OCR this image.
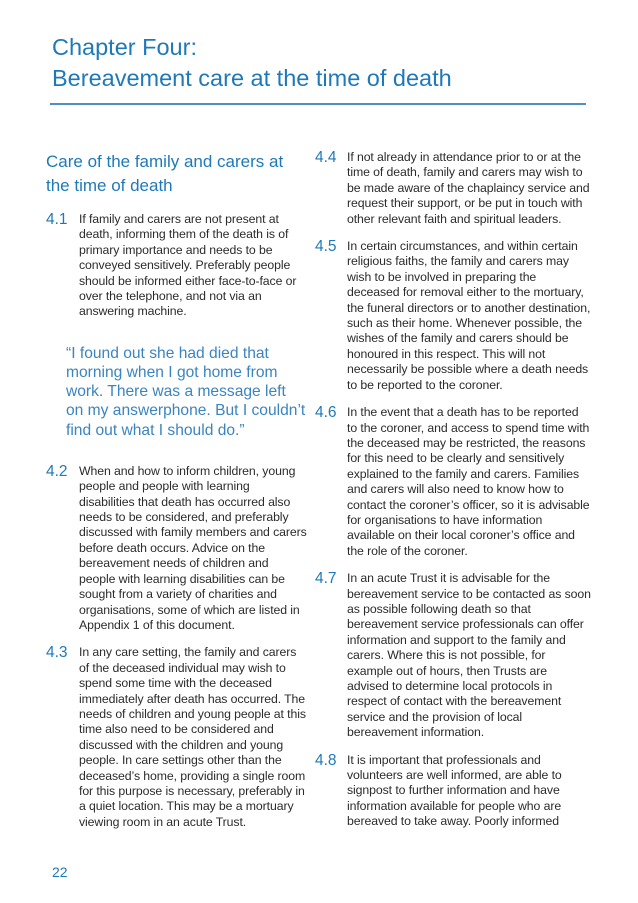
Chapter Four:
Bereavement care at the time of death
Care of the family and carers at the time of death
4.1 If family and carers are not present at death, informing them of the death is of primary importance and needs to be conveyed sensitively. Preferably people should be informed either face-to-face or over the telephone, and not via an answering machine.
“I found out she had died that morning when I got home from work. There was a message left on my answerphone. But I couldn’t find out what I should do.”
4.2 When and how to inform children, young people and people with learning disabilities that death has occurred also needs to be considered, and preferably discussed with family members and carers before death occurs. Advice on the bereavement needs of children and people with learning disabilities can be sought from a variety of charities and organisations, some of which are listed in Appendix 1 of this document.
4.3 In any care setting, the family and carers of the deceased individual may wish to spend some time with the deceased immediately after death has occurred. The needs of children and young people at this time also need to be considered and discussed with the children and young people. In care settings other than the deceased’s home, providing a single room for this purpose is necessary, preferably in a quiet location. This may be a mortuary viewing room in an acute Trust.
4.4 If not already in attendance prior to or at the time of death, family and carers may wish to be made aware of the chaplaincy service and request their support, or be put in touch with other relevant faith and spiritual leaders.
4.5 In certain circumstances, and within certain religious faiths, the family and carers may wish to be involved in preparing the deceased for removal either to the mortuary, the funeral directors or to another destination, such as their home. Whenever possible, the wishes of the family and carers should be honoured in this respect. This will not necessarily be possible where a death needs to be reported to the coroner.
4.6 In the event that a death has to be reported to the coroner, and access to spend time with the deceased may be restricted, the reasons for this need to be clearly and sensitively explained to the family and carers. Families and carers will also need to know how to contact the coroner’s officer, so it is advisable for organisations to have information available on their local coroner’s office and the role of the coroner.
4.7 In an acute Trust it is advisable for the bereavement service to be contacted as soon as possible following death so that bereavement service professionals can offer information and support to the family and carers. Where this is not possible, for example out of hours, then Trusts are advised to determine local protocols in respect of contact with the bereavement service and the provision of local bereavement information.
4.8 It is important that professionals and volunteers are well informed, are able to signpost to further information and have information available for people who are bereaved to take away. Poorly informed
22
